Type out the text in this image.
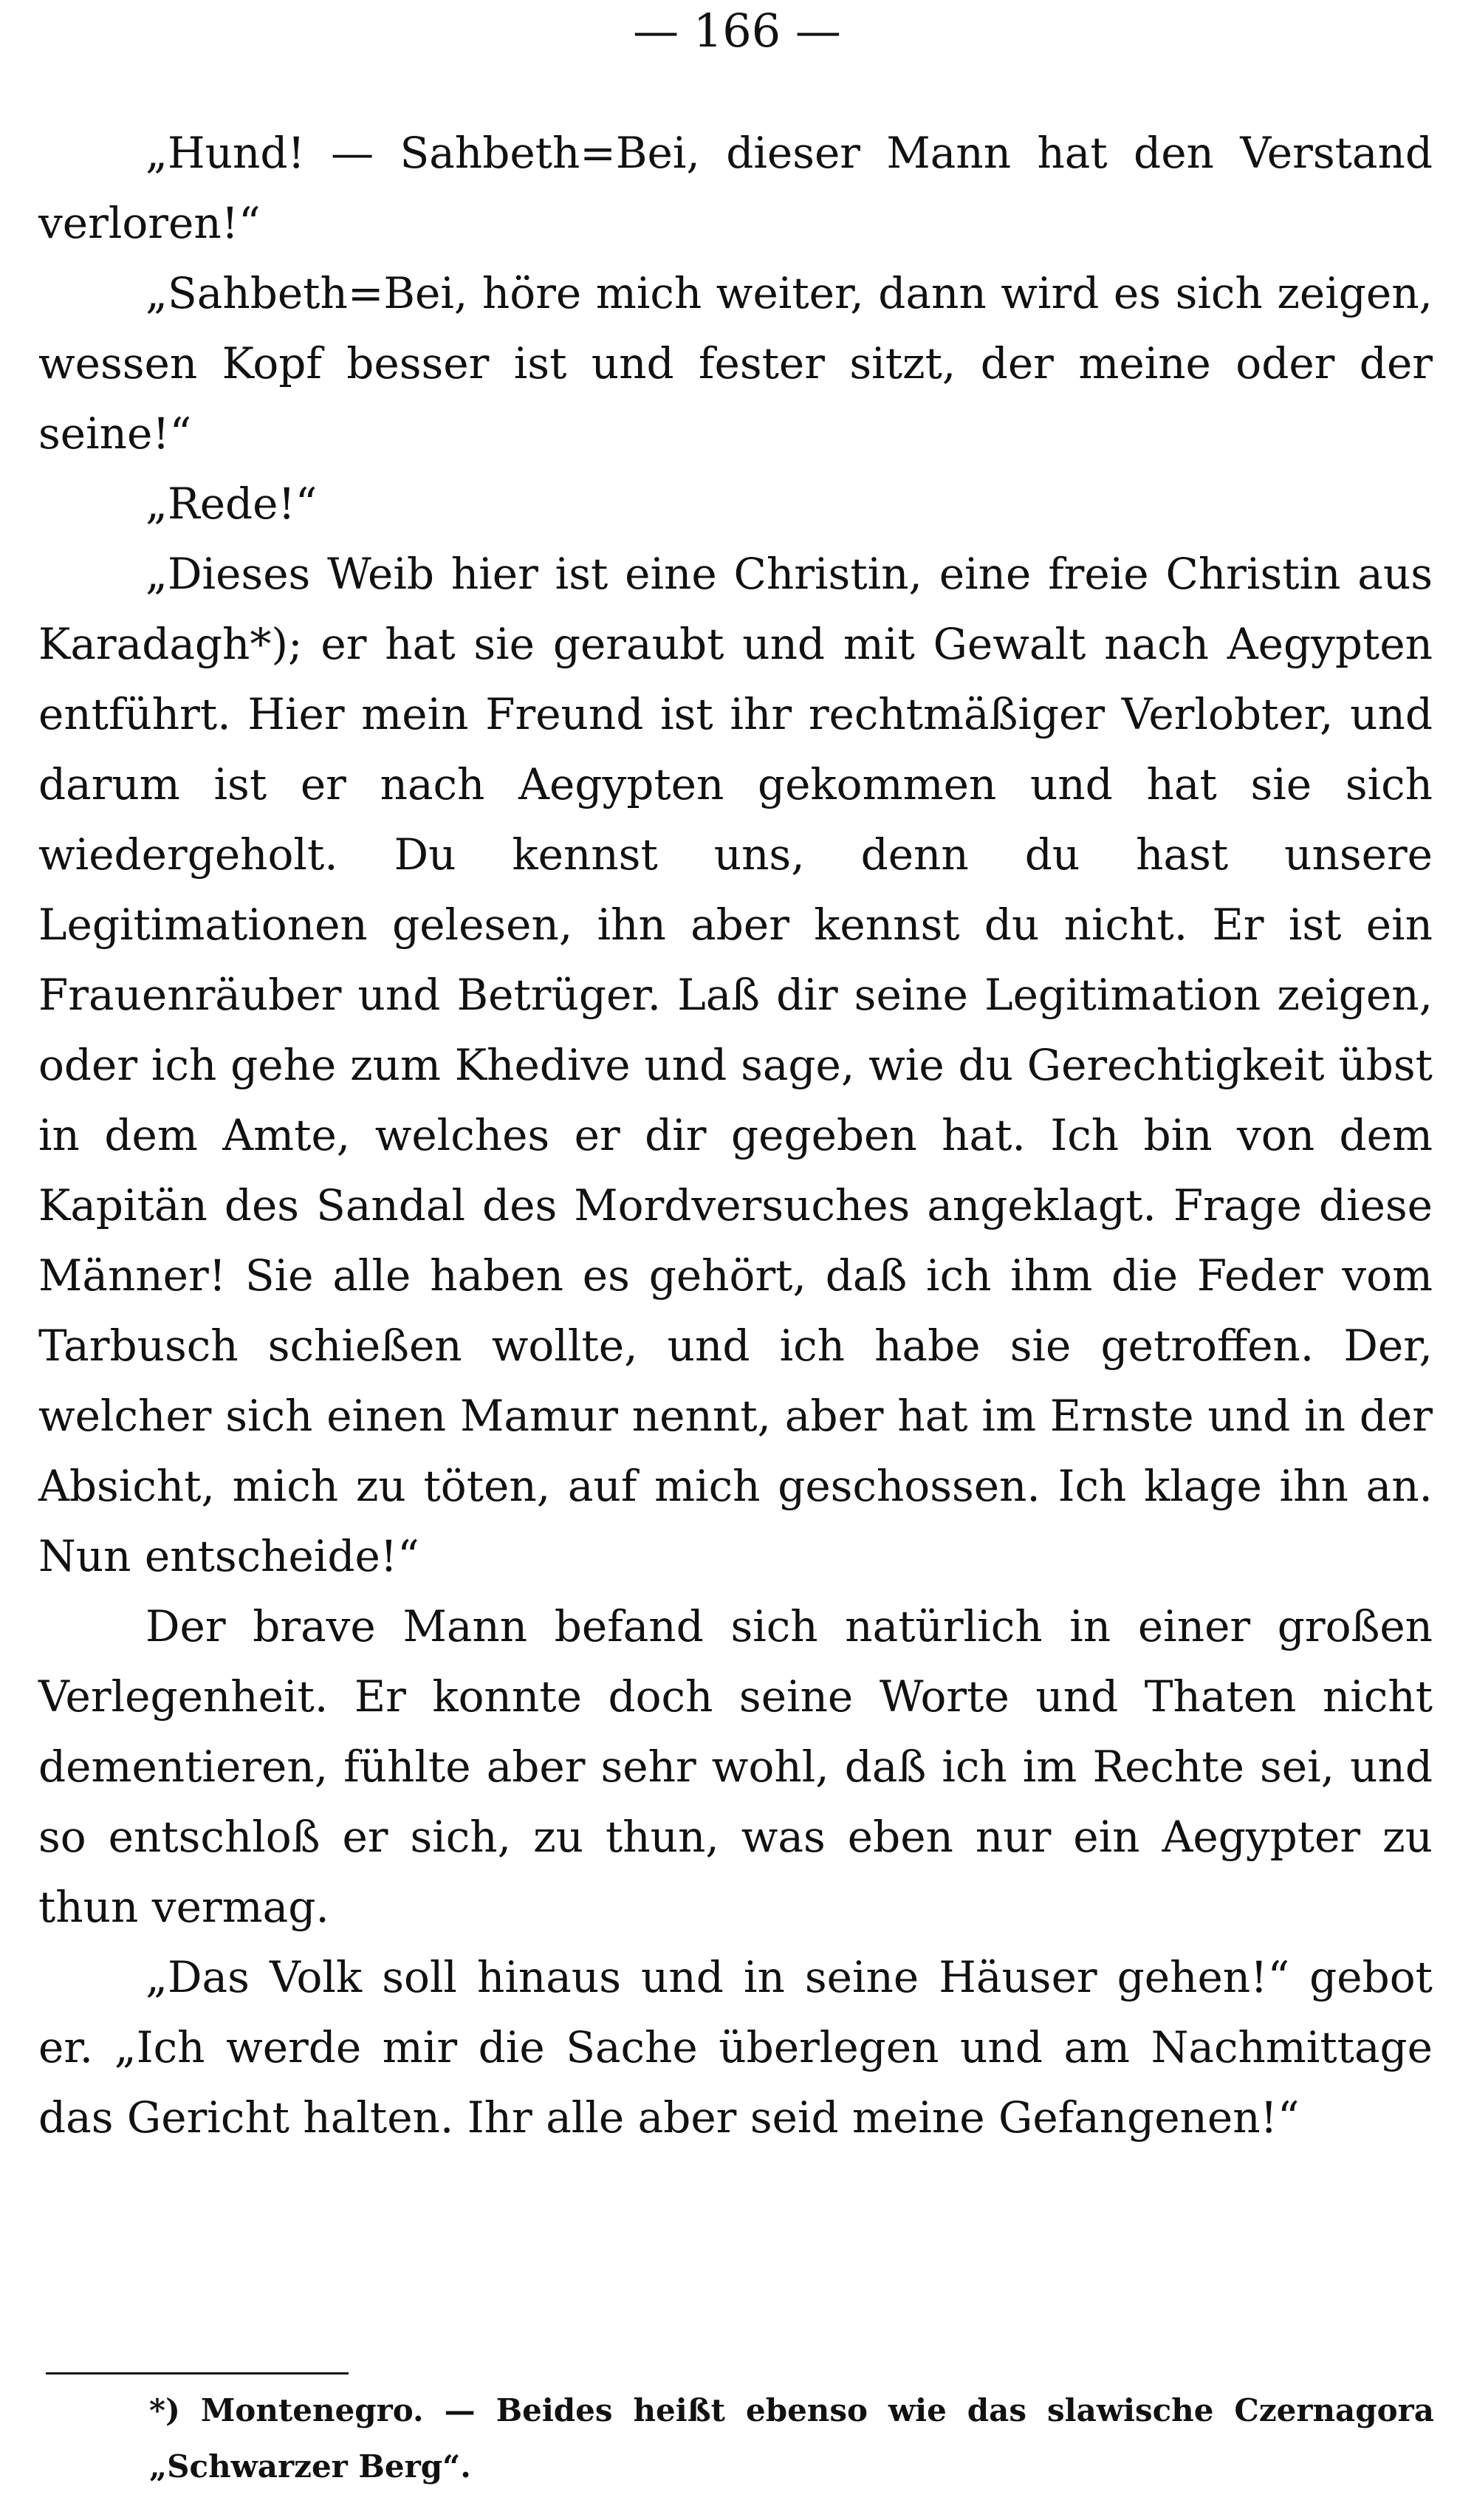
— 166 —

„Hund! — Sahbeth=Bei, dieser Mann hat den Verstand verloren!“

„Sahbeth=Bei, höre mich weiter, dann wird es sich zeigen, wessen Kopf besser ist und fester sitzt, der meine oder der seine!“

„Rede!“

„Dieses Weib hier ist eine Christin, eine freie Christin aus Karadagh*); er hat sie geraubt und mit Gewalt nach Aegypten entführt. Hier mein Freund ist ihr rechtmäßiger Verlobter, und darum ist er nach Aegypten gekommen und hat sie sich wiedergeholt. Du kennst uns, denn du hast unsere Legitimationen gelesen, ihn aber kennst du nicht. Er ist ein Frauenräuber und Betrüger. Laß dir seine Legitimation zeigen, oder ich gehe zum Khedive und sage, wie du Gerechtigkeit übst in dem Amte, welches er dir gegeben hat. Ich bin von dem Kapitän des Sandal des Mordversuches angeklagt. Frage diese Männer! Sie alle haben es gehört, daß ich ihm die Feder vom Tarbusch schießen wollte, und ich habe sie getroffen. Der, welcher sich einen Mamur nennt, aber hat im Ernste und in der Absicht, mich zu töten, auf mich geschossen. Ich klage ihn an. Nun entscheide!“

Der brave Mann befand sich natürlich in einer großen Verlegenheit. Er konnte doch seine Worte und Thaten nicht dementieren, fühlte aber sehr wohl, daß ich im Rechte sei, und so entschloß er sich, zu thun, was eben nur ein Aegypter zu thun vermag.

„Das Volk soll hinaus und in seine Häuser gehen!“ gebot er. „Ich werde mir die Sache überlegen und am Nachmittage das Gericht halten. Ihr alle aber seid meine Gefangenen!“

*) Montenegro. — Beides heißt ebenso wie das slawische Czernagora „Schwarzer Berg“.
